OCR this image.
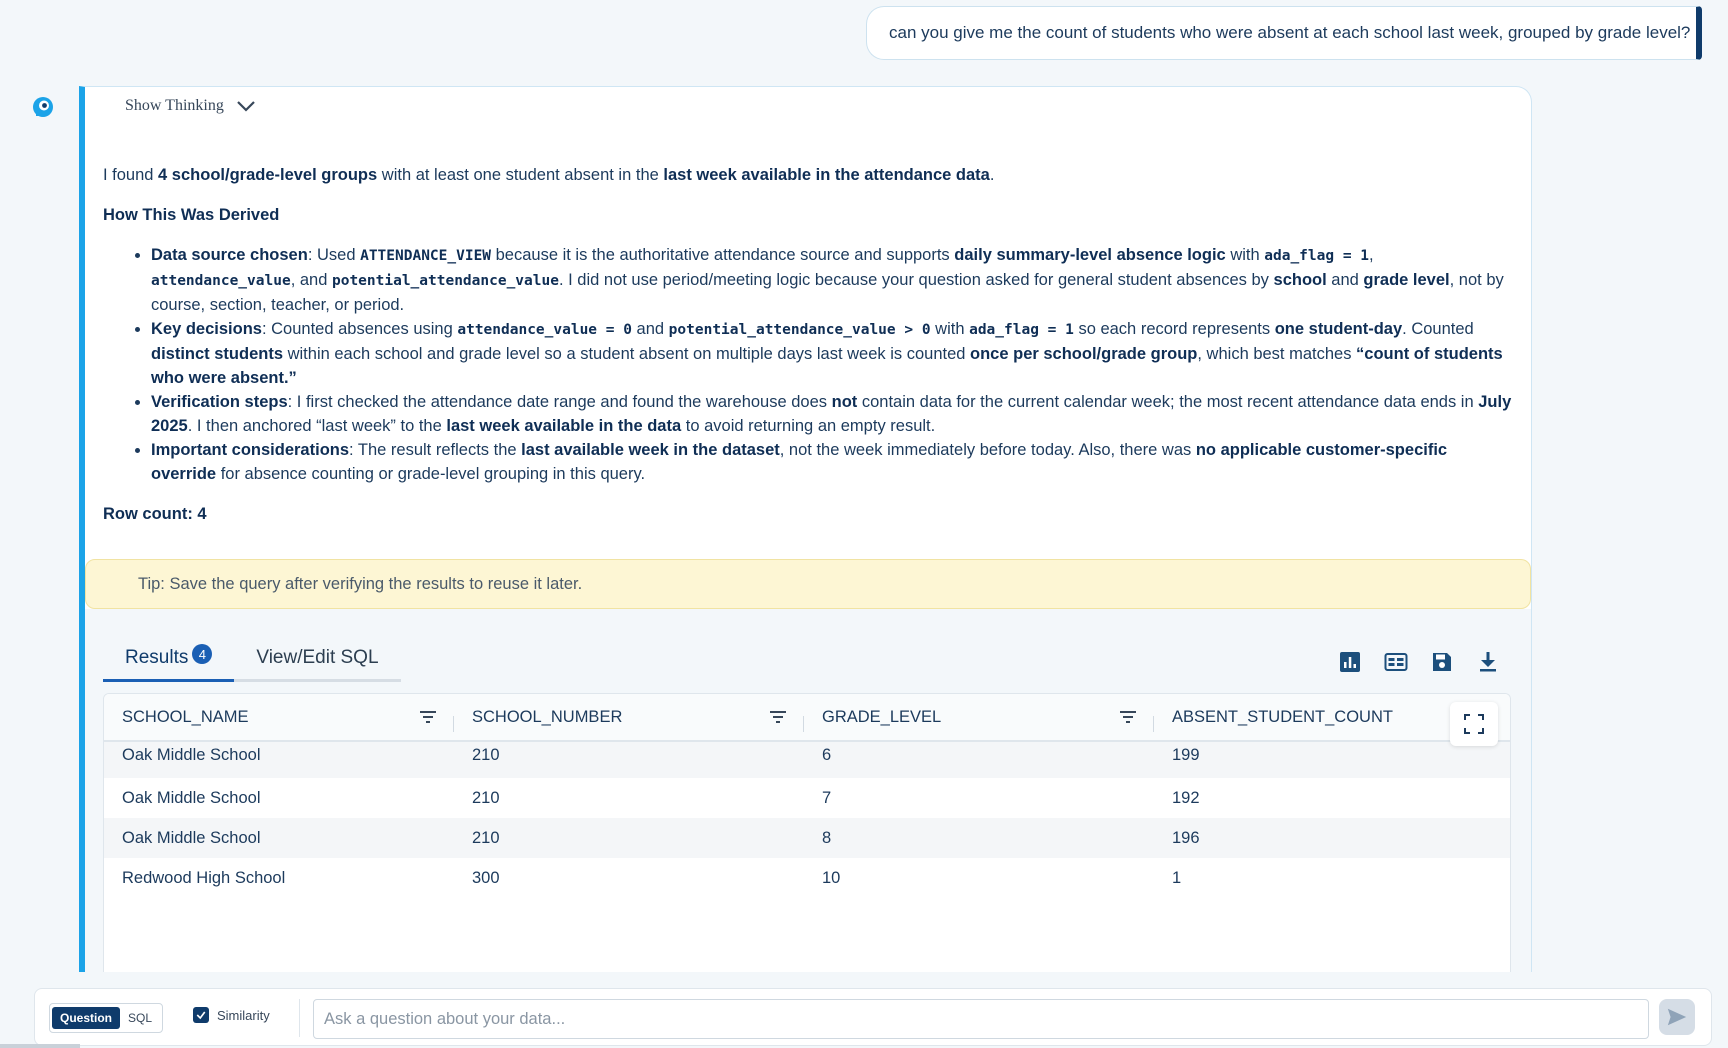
can you give me the count of students who were absent at each school last week, grouped by grade level?
Show Thinking

I found 4 school/grade-level groups with at least one student absent in the last week available in the attendance data.

How This Was Derived
• Data source chosen: Used ATTENDANCE_VIEW because it is the authoritative attendance source and supports daily summary-level absence logic with ada_flag = 1, attendance_value, and potential_attendance_value. I did not use period/meeting logic because your question asked for general student absences by school and grade level, not by course, section, teacher, or period.
• Key decisions: Counted absences using attendance_value = 0 and potential_attendance_value > 0 with ada_flag = 1 so each record represents one student-day. Counted distinct students within each school and grade level so a student absent on multiple days last week is counted once per school/grade group, which best matches “count of students who were absent.”
• Verification steps: I first checked the attendance date range and found the warehouse does not contain data for the current calendar week; the most recent attendance data ends in July 2025. I then anchored “last week” to the last week available in the data to avoid returning an empty result.
• Important considerations: The result reflects the last available week in the dataset, not the week immediately before today. Also, there was no applicable customer-specific override for absence counting or grade-level grouping in this query.

Row count: 4

Tip: Save the query after verifying the results to reuse it later.
Results 4	View/Edit SQL
SCHOOL_NAME	SCHOOL_NUMBER	GRADE_LEVEL	ABSENT_STUDENT_COUNT
Oak Middle School	210	6	199
Oak Middle School	210	7	192
Oak Middle School	210	8	196
Redwood High School	300	10	1
Question	SQL	Similarity
Ask a question about your data...
